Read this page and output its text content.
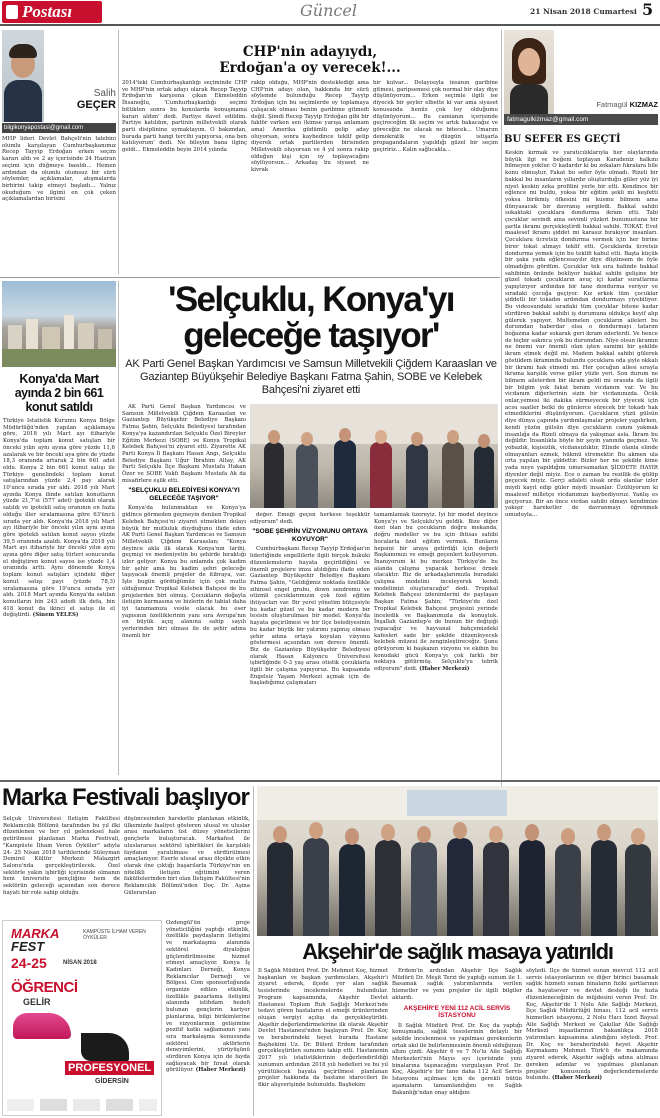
Postası	Güncel	21 Nisan 2018 Cumartesi 5
Salih
GEÇER
bilgikonyapostasi@gmail.com
MHP lideri Devlet Bahçeli'nin talebini olumlu karşılayan Cumhurbaşkanımız Recep Tayyip Erdoğan erken seçim kararı aldı ve 2 ay içerisinde 24 Haziran seçimi için düğmeye basıldı... Hemen ardından da olumlu olumsuz bir sürü söylemler, açıklamalar, atışmalarda birbirini takip etmeyi başladı... Yalnız okuduğum ve ilgimi en çok çeken açıklamalardan birisini
CHP'nin adayıydı,
Erdoğan'a oy verecek!...
2014'teki Cumhurbaşkanlığı seçiminde CHP ve MHP'nin ortak adayı olarak Recep Tayyip Erdoğan'ın karşısına çıkan Ekmeleddin İhsanoğlu, 'Cumhurbaşkanlığı seçimi bittikten sonra bu konularda konuşmama kararı aldım' dedi. Partiye davet edildim. Partiye katıldım, partinin milletvekili olarak parti disiplinine uymaktayım. O bakımdan, burada parti hangi tercihi yapıyorsa, ona ben katılıyorum' dedi. Ne bileyim bana ilginç geldi... Ekmeleddin beyin 2014 yılında
rakip olduğu, MHP'nin desteklediği ama CHP'nin adayı olan, hakkında bir sürü söylemde bulunduğu Recep Tayyip Erdoğan için bu seçimlerde oy toplamaya çalışacak olması benim garibime gitmedi değil. Şimdi Recep Tayyip Erdoğan gibi bir faktör varken sen (kimse yarışa anlamam ama) Amerika güdümlü gelip aday oluyorsan, sonra kaybedince teklif gelip diyerek ortak partilerden birisinden Milletvekili oluyorsan ve 4 yıl sonra rakip olduğun kişi için oy toplayacağını söylüyorsun... Arkadaş bu siyaset ne kivrak
bir kulvar... Dolayısıyla insanın garibine gitmesi, garipsemesi çok normal bir olay diye düşünüyorum... Erken seçimle ilgili ise diyecek bir şeyler elbette ki var ama siyaset konusunda henüz çok toy olduğumu düşünüyorum... Bu camianın içerisinde geçireceğim ilk seçim ve artık bakacağız ve göreceğiz ne olacak ne bitecek... Umarım demokratik ve düzgün istişarla propagandaların yapıldığı güzel bir seçim geçiririz... Kalın sağlıcakla...
Fatmagül KIZMAZ
fatmagulkizmaz@gmail.com
BU SEFER ES GEÇTİ
Keskin kırmak ve yaratıcılıklarıyla her olaylarında büyük ilgi ve beğeni toplayan Karadeniz halkını bilmeyen yoktur. O kadardır ki bu zekaları fıkralara bile konu olmuştur. Fakat bu sefer öyle olmadı. Rizeli bir bakkal bu insanların yıllardır oluşturduğu güler yüz iyi niyet keskin zeka profilini yerle bir etti. Kendince bir eğlence mi buldu, yoksa bir eğitim şekli mi keşfetti yoksa birikmiş öfkesini mi kusmu bilmem ama dünyasacak bir davranış sergiledi. Bakkal sahibi sokaktaki çocuklara dondurma ikram etti. Tabi çocuklar sevindi ama sevimli yüzleri bununustuna bir şartla ikramı gerçekleştirdi bakkal sahibi. TOKAT. Evet maalesef ikramı şiddet mi karasız bırakıyor insanları. Çocuklara ücretsiz dondurma vermek için her birine birer tokat atmayı teklif etti. Çocuklarda ücretsiz dondurma yemek için bu teklifi kabul etti. Başta küçük bir şaka yada eğlencesayılır diye düşünsem de öyle olmadığını gördüm. Çocuklar tek sıra halinde bakkal sahibinin önünde bekliyor bakkal sahibi gelişine bir güzel tokadı çocukların avuç içi kadar suratlarına yapıştırıyor ardından bir tane dondurma veriyor ve sıradaki çocuğa geçiyor. Kız erkek tüm çocuklar şiddetli bir tokadın ardından dondurmayı yiyebiliyor. Bu videosundaki sıradaki tüm çocuklar bitene kadar sürdüren bakkal sahibi iş durumuna oldukça keyif alıp gülerek yapıyor. Multemelen çocukların aileleri bu durumdan haberdar olsa o dondurmayı tatarım boğazına kadar sokarak geri ikram ederlerdi. Ve hence de hiçbir sakınca yok bu durumdan. Niye olsun ikramın ne önemi var önemli olan işten samimi bir şekilde ikram etmek değil mi. Madem bakkal sahibi gülerek göstildem ikramında bulundu çocuklara oda şiyle okkalı bir ikramı hak etmedi mi. Her çocuğun ailesi sırayla ikrama karşılık verse güler yüzle yeri. Son durum ne bilmem ailelerden bir ikram geldi mi orasıda da ilgili bir bilgim yok fakat benim vicdanım var. Ve bu vicdanım diğerlerinin sizin bir vicdanınızda. Öcük onlar,yemesi iki dakika sürmeyecek bir yiyecek için acısı saatler belki de günlerce sürecek bir tokadı hak etmediklerini düşünüyorum. Çocukların yüzü gülsün diye dünya çapında yardımlaşmalar projeler yapılırken, kendi yüzün gülsün diye çocukların canını yakmak insanlığa da Rizeli olmaya da yakışmaz asla. İkram bu değildir. İnsanlıkta böyle bir şeyin yanında geçmez. Ve yobazlık, kişisizlik, vicdansızlıktır. Elinde olanla elinde olmayanları ezmek, hükmü stremektir. Bu akmen ula orta yapılan bir şiddettir. Bizler her ne şekilde kime yada neye yapıldığını umursamadan ŞİDDETE HAYIR diyenler değil miyiz. Ece o zaman bu rezillik de gülüp geçecek miyiz. Gerçi adaleti olsak orda olanlar izler miydi kayıt edip güler miydi insanlar. Üzülüyorum ki maalesef milletçe vicdanımızı kaybediyoruz. Yanlış es geçiyoruz. Bir an önce vicdan sahibi olmayı kendimize yakışır hareketler de davranmayı öğrenmek umuduyla...
Konya'da Mart
ayında 2 bin 661
konut satıldı
Türkiye İstatistik Kurumu Konya Bölge Müdürlüğü'nden yapılan açıklamaya göre, 2018 yılı Mart ayı itibariyle Konya'da toplam konut satışları bir önceki yılın aynı ayına göre yüzde 11,6 azalarak ve bir önceki aya göre de yüzde 18,3 oranında artarak 2 bin 661 adet oldu. Konya 2 bin 661 konut satışı ile Türkiye genelindeki toplam konut satışlarından yüzde 2,4 pay alarak 10'uncu sırada yer aldı. 2018 yılı Mart ayında Konya ilinde satılan konutların yüzde 21,7'si (577 adet) ipotekli olarak satıldı ve ipotekli satış oranının en fazla olduğu iller sıralamasına göre 63'üncü sırada yer aldı. Konya'da 2018 yılı Mart ayı itibariyle bir önceki yılın aynı ayına göre ipotekli satılan konut sayısı yüzde 39,5 oranında azaldı. Konya'da 2018 yılı Mart ayı itibariyle bir önceki yılın aynı ayına göre diğer satış türleri sonucunda el değiştiren konut sayısı ise yüzde 1,4 oranında arttı. Aynı dönemde Konya toplam konut satışları içindeki diğer konut satışı payı (yüzde 78,3) sıralamasına göre 19'uncu sırada yer aldı. 2018 Mart ayında Konya'da satılan konutların bin 243 adedi ilk defa, bin 418 konut da ikinci el satışı ile el değiştirdi. (Sinem YELES)
'Selçuklu, Konya'yı
geleceğe taşıyor'
AK Parti Genel Başkan Yardımcısı ve Samsun Milletvekili Çiğdem Karaaslan ve Gaziantep Büyükşehir Belediye Başkanı Fatma Şahin, SOBE ve Kelebek Bahçesi'ni ziyaret etti

AK Parti Genel Başkan Yardımcısı ve Samsun Milletvekili Çiğdem Karaaslan ve Gaziantep Büyükşehir Belediye Başkanı Fatma Şahin, Selçuklu Belediyesi tarafından Konya'ya kazandırılan Selçuklu Özel Bireyler Eğitim Merkezi (SOBE) ve Konya Tropikal Kelebek Bahçesi'ni ziyaret etti. Ziyarette AK Parti Konya İl Başkanı Hasan Angı, Selçuklu Belediye Başkanı Uğur İbrahim Altay, AK Parti Selçuklu İlçe Başkanı Mustafa Hakan Özer ve SOBE Vakfı Başkanı Mustafa Ak da misafirlere eşlik etti.

"SELÇUKLU BELEDİYESİ KONYA'YI GELECEĞE TAŞIYOR"

Konya'da bulunmaktan ve Konya'ya gidince görmeden geçmeyin deniien Tropikal Kelebek Bahçesi'ni ziyaret etmekten dolayı büyük bir mutluluk duyduğunu ifade eden AK Parti Genel Başkan Yardımcısı ve Samsun Milletvekili Çiğdem Karaaslan; "Konya deyince akla ilk olarak Konya'nın tarihi, geçmişi ve medeniyetin bu şehirde bıraktığı izler geliyor. Konya bu anlamda çok kadim bir şehir ama bu kadim şehri geleceğe taşıyacak önemli projeler de itibraya, var. İşte bugün gördüğümüz için çok mutlu olduğumuz Tropikal Kelebek Bahçesi de bu projelerden biri olmuş. Çocukların doğayla iletişim kurmasına ve bizlerin de tabiat daha iyi tanımamıza vesile olacak bu eser yapısının özelliklerinin yanı sıra Avrupa'nın en büyük açıq alanına sahip sayılı yerlerinden biri olması ile de şehir adına önemli bir

değer. Emeği geçen herkese teşekkür ediyorum" dedi.

"SOBE ŞEHRİN VİZYONUNU ORTAYA KOYUYOR"

Cumhurbaşkanı Recep Tayyip Erdoğan'ın liderliğinde engellilerle ilgili birçok hukuki düzenlemelerin hayata geçirildiğini ve önemli projelere imza atıldığını ifade eden Gaziantep Büyükşehir Belediye Başkanı Fatma Şahin, "Geldiğimiz noktada özellikle zihinsel engel grubu, down sendromu ve otizmli çocuklarımızın çok özel eğitim ihtiyacları var. Bir yerel yönetim bütçesiyle bu kadar güzel ve bu kadar modern bir tesisin oluşturulması bir model. Konya'da hayata geçirilmesi ve bir ilçe belediyesinin bu kadar büyük bir yatırımı yapmış olması şehir adına ortaya koyulan vizyonu göstermesi açısından son derece önemli. Biz de Gaziantep Büyükşehir Belediyesi olarak Hasan Kalyoncu Üniversitesi işbirliğinde 0-3 yaş arası otistik çocuklarla ilgili bir çalışma yapıyoruz. Bu kapsamda Engelsiz Yaşam Merkezi açmak için de başladığımız çalışmaları

tamamlamak üzereyiz. İyi bir model deyince Konya'yı ve Selçuklu'yu geldik. Bize diğer özel olan bu çocukların doğru mekanda, doğru modeller ve bu için ihtisas sahibi hocalarla özel eğitim vermek. Bunların hepsini bir araya getirdiği için değerli Başkanımızı ve emeği geçenleri kutluyorum. İnanıyorum ki bu merkez Türkiye'de bu alanda çalışma yapacak herkese örnek olacaktır. Biz de arkadaşlarımızla buradaki çalışma modelini inceleyerek kendi modelimizi oluşturacağız" dedi. Tropikal Kelebek Bahçesi izlenimlerini de paylaşan Başkan Fatma Şahin; "Türkiye'de özel Tropikal Kelebek Bahçesi projesini yerinde inceledik ve Başkanımızla da konuştuk. İnşallah Gaziantep'e de bunun bir değişiği yapacağız ve hayvanat bahçemizdeki kafesleri sade bir şekilde düzenleyecek kelebek müzesi ile zenginleştireceğiz. Şunu görüyorum ki başkanın vizyonu ve ekibin bu konudaki gücü Konya'yı çok farklı bir noktaya götürmüş. Selçuklu'yu tebrik ediyorum" dedi. (Haber Merkezi)
Marka Festivali başlıyor
Selçuk Üniversitesi İletişim Fakültesi Reklamcılık Bölümü tarafından bu yıl ilki düzenlenen ve her yıl geleneksel hale getirilmesi planlanan Marka Festivali, "Kampüste İlham Veren Öyküler" adıyla 24- 25 Nisan 2018 tarihlerinde Süleyman Demirel Kültür Merkezi Malazgirt Salonu'nda gerçekleştirilecek. Özel sektörle yakın işbirliği içerisinde olmanın hem üniversite gençliğine hem de sektörün geleceği açısından son derece hayati bir role sahip olduğu
düşüncesinden hareketle planlanan etkinlik, ülkemizde faaliyet gösteren ulusal ve uluslar arası markaların üst düzey yöneticilerini gençlerle buluşturacak. Markafest ile uluslararası sektörel işbirlikleri ile karşılıklı faydanın yaratılması ve sürdürülmesi amaçlanıyor. Eserle ulusal arası ölçekte etkin olarak öne çıktığı başarılarla Türkiye'nin en nitelikli iletişim eğitimini veren fakültelerinden biri olan İletişim Fakültesi'nin Reklamcılık Bölümü'nden Doç. Dr. Aşina Gülerarslan
MARKA
FEST
KAMPÜSTE İLHAM VEREN ÖYKÜLER
24-25	NİSAN 2018
ÖĞRENCİ
GELİR
PROFESYONEL
GİDERSİN
Özdengül'ün proje yöneticiliğini yaptığı etkinlik, özellikle paydaşların iletişimi ve markalaşma alanında sektörel diyaloğun güçlendirilmesine hizmet etmeyi amaçlıyor. Konya İş Kadınları Derneği, Konya Reklamcılar Derneği ve Bölgesi. Com sponsorluğunda organize edilen etkinlik, özellikle pazarlama iletişimi alanında istihdam hedefi bulunan gençlerin kariyer planlarına, bilgi birikimlerine ve vizyonlarının gelişimine pozitif katkı sağlamanın yanı sıra markalaşma konusunda sektörel aktörlerin deneyimlerini, yürüyüşünü sürdüren Konya için de fayda sağlayacak bir fırsat olarak görülüyor. (Haber Merkezi)
Akşehir'de sağlık masaya yatırıldı
İl Sağlık Müdürü Prof. Dr. Mehmet Koç, hizmet başkanları ve başkan yardımcıları, Akşehir'i ziyaret ederek, ilçede yer alan sağlık tesislerinde incelemelerde bulundular. Program kapsamında, Akşehir Devlet Hastanesi Toplum Ruh Sağlığı Merkezi'nde tedavi gören hastaların el emeği ürünlerinden oluşan sergiyi açılışı da gerçekleştirildi. Akşehir değerlendirmelerine ilk olarak Akşehir Devlet Hastanesi'nden başlayan Prof. Dr. Koç ve beraberindeki heyet burada Hastane Başhekimi Uz. Dr. Bülent Erdem tarafından gerçekleştirilen sunumu takip etti. Hastanenin 2017 yılı istatistiklerinin değerlendirildiği sunumun ardından 2018 yılı hedefleri ve bu yıl yürütülecek hayata geçirilmesi planlanan projeler hakkında da hastane idarecileri ile fikir alışverişinde bulunuldu. Başhekim

Erdem'in ardından Akşehir İlçe Sağlık Müdürü Dr. Meşit Terzi de yaptığı sunum ile 1. Basamak sağlık yatırımlarında verilen hizmetler ve yeni projeler ile ilgili bilgiler aktardı.

AKŞEHİR'E YENİ 112 ACİL SERVİS İSTASYONU

İl Sağlık Müdürü Prof. Dr. Koç da yaptığı konuşmada, sağlık tesislerinin detaylı bir şekilde incelenmesi ve yapılması gerekenlerin ortak akıl ile belirlenmesinin önemli olduğunun altını çizdi. Akşehir 6 ve 7 No'lu Aile Sağlığı Merkezleri'nin Mayıs ayı içerisinde yeni binalarına taşınacağını vurgulayan Prof. Dr. Koç, Akşehir'e bir tane daha 112 Acil Servis İstasyonu açılması için de gerekli bütün aşamaların tamamlandığını ve Sağlık Bakanlığı'ndan onay aldığını

söyledi. İlçe de hizmet sunan mevcut 112 acil servis istasyonlarının ve diğer birinci basamak sağlık hizmeti sunan binaların fiziki şartlarının da hayatsever ve devlet desteği ile hızla düzenleneceğinin de müjdesini veren Prof. Dr. Koç, Akşehir'de 1 Nolu Aile Sağlığı Merkezi, İlçe Sağlık Müdürlüğü binası, 112 acil servis hizmetleri istasyonu, 2 Nolu Hacı İzzet Baysal Aile Sağlığı Merkezi ve Çakıllar Aile Sağlığı Merkezi inşaatlarının bakanlıkça 2018 yatırımları kapsamına alındığını söyledi. Prof. Dr. Koç ve beraberindeki heyet Akşehir Kaymakamı Mehmet Türk'ü de makamında ziyaret ederek, Akşehir sağlığı adına atılması gereken adımlar ve yapılması planlanan projeler konusunda değerlendirmelerde bulundu. (Haber Merkezi)
